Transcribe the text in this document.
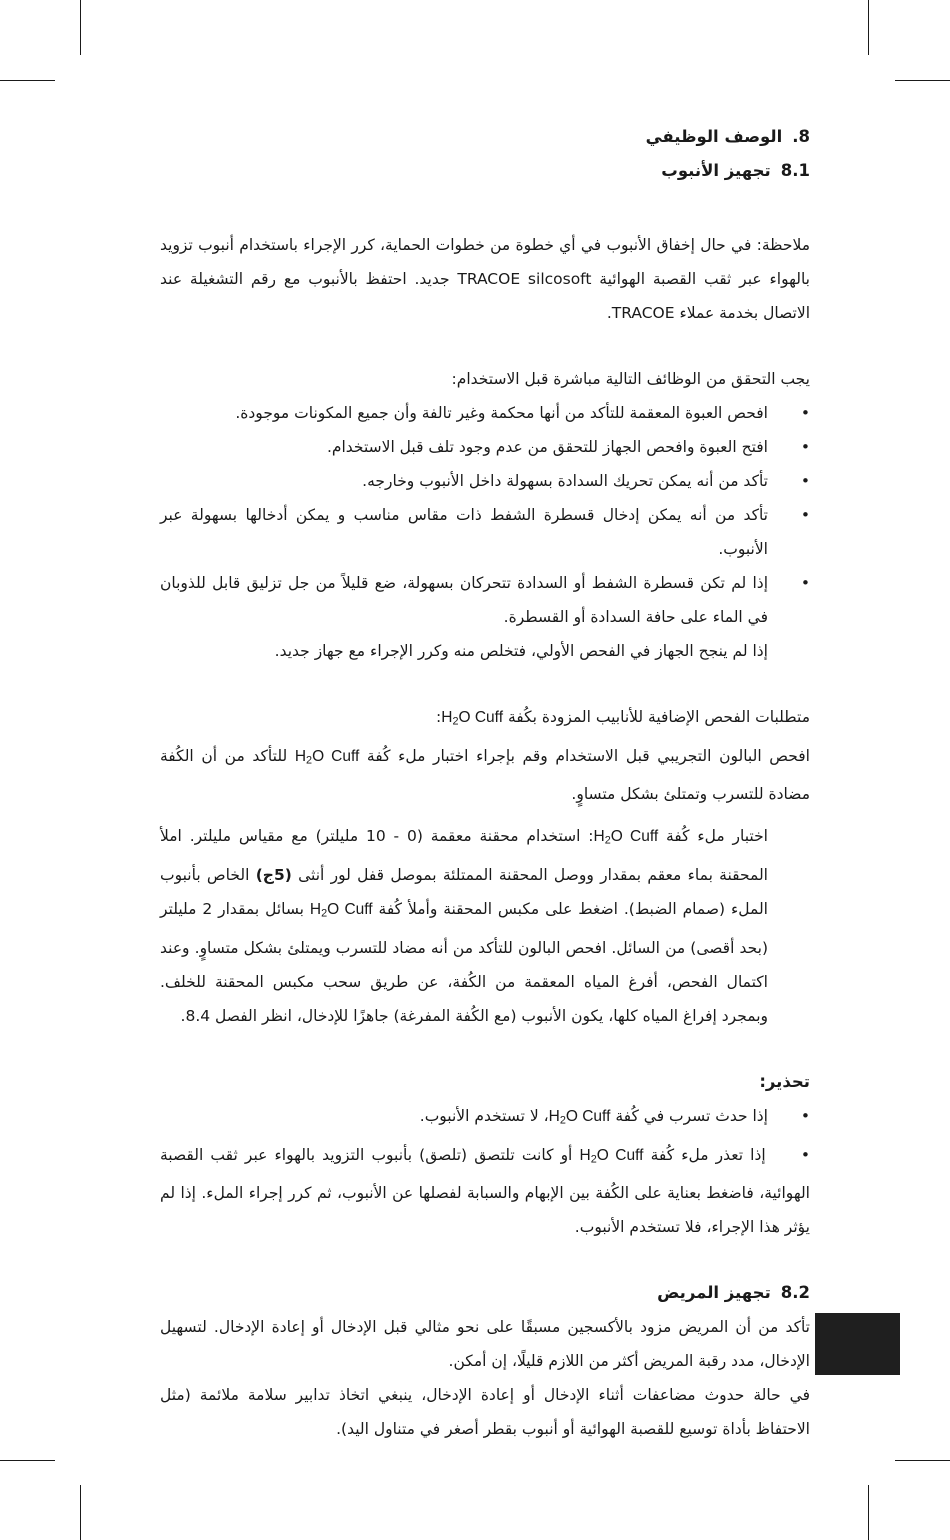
8.الوصف الوظيفي
8.1تجهيز الأنبوب

ملاحظة: في حال إخفاق الأنبوب في أي خطوة من خطوات الحماية، كرر الإجراء باستخدام أنبوب تزويد بالهواء عبر ثقب القصبة الهوائية TRACOE silcosoft جديد. احتفظ بالأنبوب مع رقم التشغيلة عند الاتصال بخدمة عملاء TRACOE.

يجب التحقق من الوظائف التالية مباشرة قبل الاستخدام:

• افحص العبوة المعقمة للتأكد من أنها محكمة وغير تالفة وأن جميع المكونات موجودة.
• افتح العبوة وافحص الجهاز للتحقق من عدم وجود تلف قبل الاستخدام.
• تأكد من أنه يمكن تحريك السدادة بسهولة داخل الأنبوب وخارجه.
• تأكد من أنه يمكن إدخال قسطرة الشفط ذات مقاس مناسب و يمكن أدخالها بسهولة عبر الأنبوب.
• إذا لم تكن قسطرة الشفط أو السدادة تتحركان بسهولة، ضع قليلاً من جل تزليق قابل للذوبان في الماء على حافة السدادة أو القسطرة.

إذا لم ينجح الجهاز في الفحص الأولي، فتخلص منه وكرر الإجراء مع جهاز جديد.

متطلبات الفحص الإضافية للأنابيب المزودة بكُفة $H_2O$ Cuff:

افحص البالون التجريبي قبل الاستخدام وقم بإجراء اختبار ملء كُفة $H_2O$ Cuff للتأكد من أن الكُفة مضادة للتسرب وتمتلئ بشكل متساوٍ.

اختبار ملء كُفة $H_2O$ Cuff: استخدام محقنة معقمة (0 - 10 مليلتر) مع مقياس مليلتر. املأ المحقنة بماء معقم بمقدار ووصل المحقنة الممتلئة بموصل قفل لور أنثى (5ج) الخاص بأنبوب الملء (صمام الضبط). اضغط على مكبس المحقنة وأملأ كُفة $H_2O$ Cuff بسائل بمقدار 2 مليلتر (بحد أقصى) من السائل. افحص البالون للتأكد من أنه مضاد للتسرب ويمتلئ بشكل متساوٍ. وعند اكتمال الفحص، أفرغ المياه المعقمة من الكُفة، عن طريق سحب مكبس المحقنة للخلف. وبمجرد إفراغ المياه كلها، يكون الأنبوب (مع الكُفة المفرغة) جاهزًا للإدخال، انظر الفصل 8.4.

تحذير:
• إذا حدث تسرب في كُفة $H_2O$ Cuff، لا تستخدم الأنبوب.
• إذا تعذر ملء كُفة $H_2O$ Cuff أو كانت تلتصق (تلصق) بأنبوب التزويد بالهواء عبر ثقب القصبة الهوائية، فاضغط بعناية على الكُفة بين الإبهام والسبابة لفصلها عن الأنبوب، ثم كرر إجراء الملء. إذا لم يؤثر هذا الإجراء، فلا تستخدم الأنبوب.
8.2تجهيز المريض

تأكد من أن المريض مزود بالأكسجين مسبقًا على نحو مثالي قبل الإدخال أو إعادة الإدخال. لتسهيل الإدخال، مدد رقبة المريض أكثر من اللازم قليلًا، إن أمكن.

في حالة حدوث مضاعفات أثناء الإدخال أو إعادة الإدخال، ينبغي اتخاذ تدابير سلامة ملائمة (مثل الاحتفاظ بأداة توسيع للقصبة الهوائية أو أنبوب بقطر أصغر في متناول اليد).
